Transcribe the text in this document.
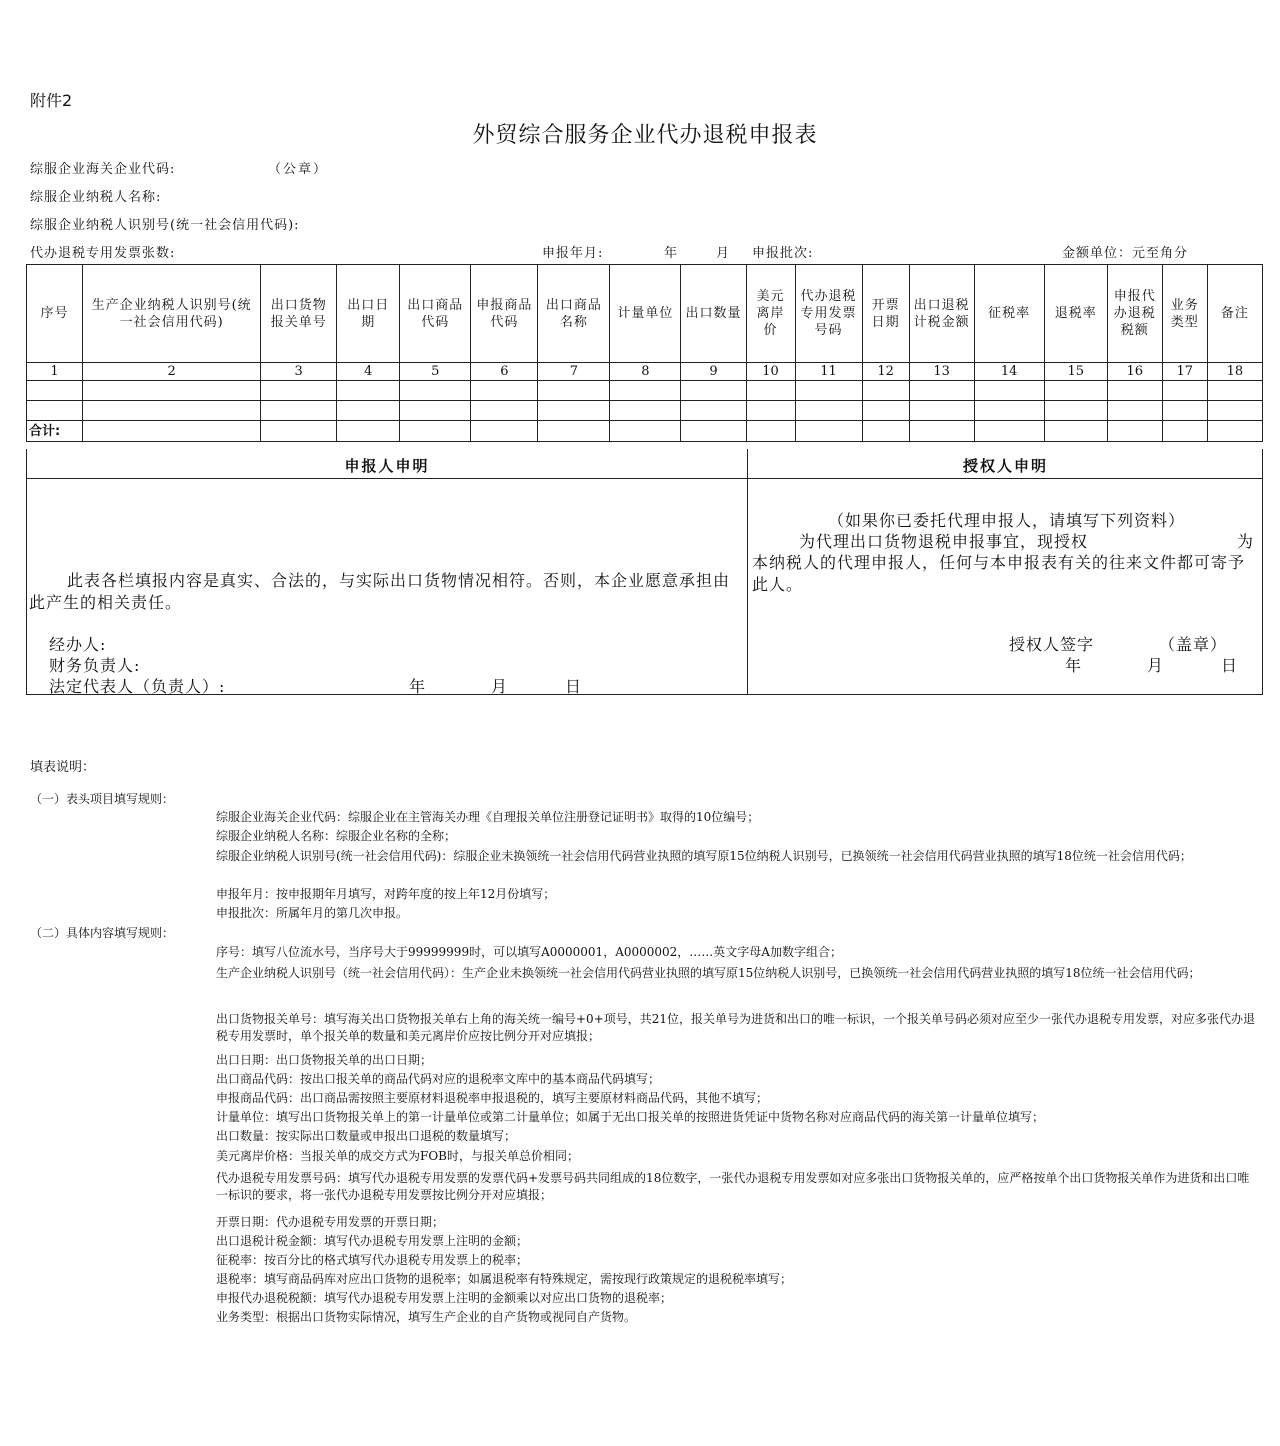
附件2
外贸综合服务企业代办退税申报表
综服企业海关企业代码:	（公章）
综服企业纳税人名称:
综服企业纳税人识别号(统一社会信用代码):
代办退税专用发票张数:	申报年月:	年	月 申报批次:	金额单位：元至角分
序号	生产企业纳税人识别号(统一社会信用代码)	出口货物报关单号	出口日期	出口商品代码	申报商品代码	出口商品名称	计量单位	出口数量	美元离岸价	代办退税专用发票号码	开票日期	出口退税计税金额	征税率	退税率	申报代办退税税额	业务类型	备注
1	2	3	4	5	6	7	8	9	10	11	12	13	14	15	16	17	18

合计:																	
申报人申明	授权人申明
此表各栏填报内容是真实、合法的，与实际出口货物情况相符。否则，本企业愿意承担由此产生的相关责任。
经办人:
财务负责人:
法定代表人（负责人）:	年	月	日
（如果你已委托代理申报人，请填写下列资料）
为代理出口货物退税申报事宜，现授权	为
本纳税人的代理申报人，任何与本申报表有关的往来文件都可寄予此人。
授权人签字	（盖章）
年	月	日
填表说明：
（一）表头项目填写规则：
综服企业海关企业代码：综服企业在主管海关办理《自理报关单位注册登记证明书》取得的10位编号；
综服企业纳税人名称：综服企业名称的全称；
综服企业纳税人识别号(统一社会信用代码)：综服企业未换领统一社会信用代码营业执照的填写原15位纳税人识别号，已换领统一社会信用代码营业执照的填写18位统一社会信用代码；
申报年月：按申报期年月填写，对跨年度的按上年12月份填写；
申报批次：所属年月的第几次申报。
（二）具体内容填写规则：
序号：填写八位流水号，当序号大于99999999时，可以填写A0000001，A0000002，……英文字母A加数字组合；
生产企业纳税人识别号（统一社会信用代码）：生产企业未换领统一社会信用代码营业执照的填写原15位纳税人识别号，已换领统一社会信用代码营业执照的填写18位统一社会信用代码；
出口货物报关单号：填写海关出口货物报关单右上角的海关统一编号+0+项号，共21位，报关单号为进货和出口的唯一标识，一个报关单号码必须对应至少一张代办退税专用发票，对应多张代办退税专用发票时，单个报关单的数量和美元离岸价应按比例分开对应填报；
出口日期：出口货物报关单的出口日期；
出口商品代码：按出口报关单的商品代码对应的退税率文库中的基本商品代码填写；
申报商品代码：出口商品需按照主要原材料退税率申报退税的，填写主要原材料商品代码，其他不填写；
计量单位：填写出口货物报关单上的第一计量单位或第二计量单位；如属于无出口报关单的按照进货凭证中货物名称对应商品代码的海关第一计量单位填写；
出口数量：按实际出口数量或申报出口退税的数量填写；
美元离岸价格：当报关单的成交方式为FOB时，与报关单总价相同；
代办退税专用发票号码：填写代办退税专用发票的发票代码+发票号码共同组成的18位数字，一张代办退税专用发票如对应多张出口货物报关单的，应严格按单个出口货物报关单作为进货和出口唯一标识的要求，将一张代办退税专用发票按比例分开对应填报；
开票日期：代办退税专用发票的开票日期；
出口退税计税金额：填写代办退税专用发票上注明的金额；
征税率：按百分比的格式填写代办退税专用发票上的税率；
退税率：填写商品码库对应出口货物的退税率；如属退税率有特殊规定，需按现行政策规定的退税税率填写；
申报代办退税税额：填写代办退税专用发票上注明的金额乘以对应出口货物的退税率；
业务类型：根据出口货物实际情况，填写生产企业的自产货物或视同自产货物。
